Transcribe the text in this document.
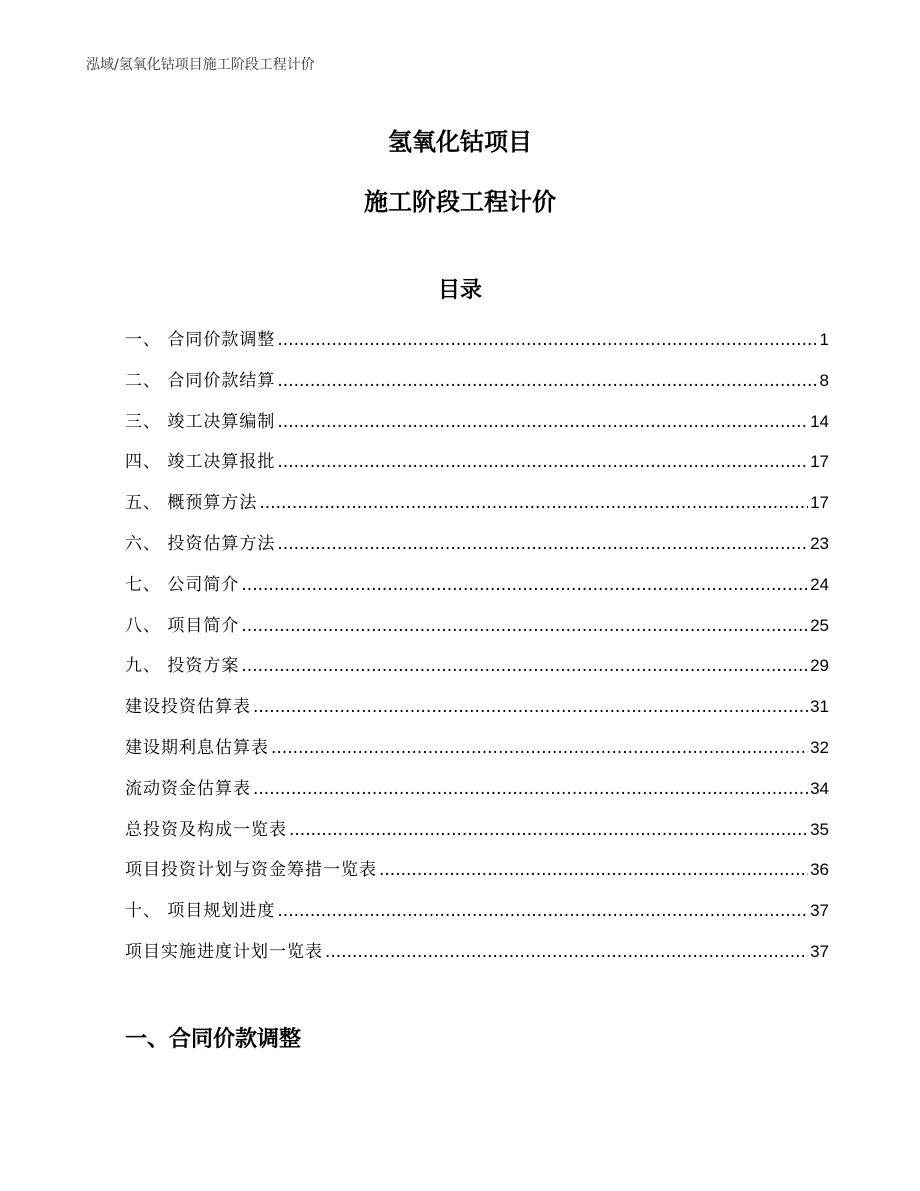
泓域/氢氧化钴项目施工阶段工程计价
氢氧化钴项目
施工阶段工程计价
目录
一、 合同价款调整 .....	1
二、 合同价款结算 .....	8
三、 竣工决算编制 .....	14
四、 竣工决算报批 .....	17
五、 概预算方法 .....	17
六、 投资估算方法 .....	23
七、 公司简介 .....	24
八、 项目简介 .....	25
九、 投资方案 .....	29
建设投资估算表 .....	31
建设期利息估算表 .....	32
流动资金估算表 .....	34
总投资及构成一览表 .....	35
项目投资计划与资金筹措一览表 .....	36
十、 项目规划进度 .....	37
项目实施进度计划一览表 .....	37
一、合同价款调整
